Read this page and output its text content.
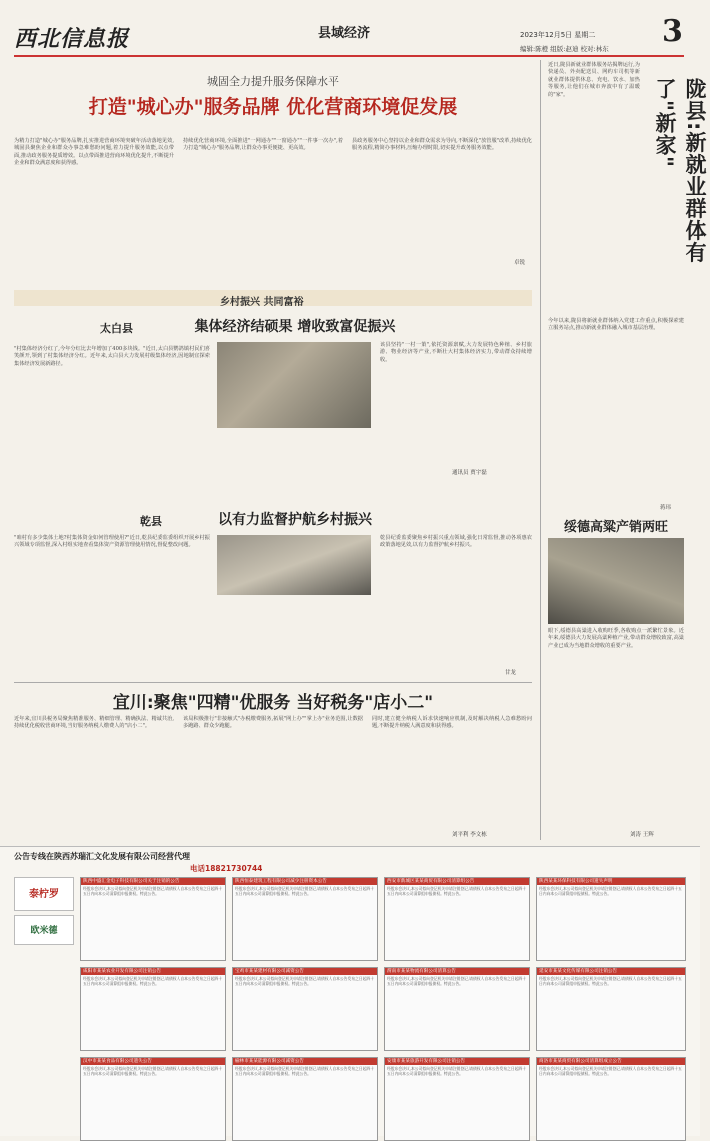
西北信息报	县域经济	2023年12月5日 星期二 3
编辑:陈橙 组版:赵迪 校对:林东
城固全力提升服务保障水平
打造"城心办"服务品牌 优化营商环境促发展
为精力打造"城心办"服务品牌,扎实推进营商环境突破年活动落地见效,城固县聚焦企业和群众办事急难愁盼问题,着力提升服务效能,以点带面,推动政务服务提质增效。以点带面推进营商环境优化提升,不断提升企业和群众满意度和获得感。
持续优化营商环境,全面推进"一网通办""一窗通办""一件事一次办",着力打造"城心办"服务品牌,让群众办事更便捷、更高效。
县政务服务中心坚持以企业和群众需求为导向,不断深化"放管服"改革,持续优化服务流程,精简办事材料,压缩办理时限,切实提升政务服务效能。
卓锐
乡村振兴 共同富裕
太白县	集体经济结硕果 增收致富促振兴
"村集体经济分红了,今年分红比去年增加了400多块钱。"近日,太白县鹦鸽镇村民们喜笑颜开,领到了村集体经济分红。近年来,太白县大力发展村级集体经济,因地制宜探索集体经济发展新路径。
该县坚持"一村一策",依托资源禀赋,大力发展特色种植、乡村旅游、物业经济等产业,不断壮大村集体经济实力,带动群众持续增收。
通讯员 贾宇磊
乾县	以有力监督护航乡村振兴
"咱村有多少集体土地?村集体资金如何管理使用?"近日,乾县纪委监委组织开展乡村振兴领域专项监督,深入村组实地查看集体资产资源管理使用情况,督促整改问题。
乾县纪委监委聚焦乡村振兴重点领域,强化日常监督,推动各项惠农政策落地见效,以有力监督护航乡村振兴。
甘龙
近日,陇县新就业群体服务站揭牌运行,为快递员、外卖配送员、网约车司机等新就业群体提供休息、充电、饮水、加热等服务,让他们在城市奔波中有了温暖的"家"。	陇县:新就业群体有了"新家"
今年以来,陇县将新就业群体纳入党建工作重点,积极探索建立服务站点,推动新就业群体融入城市基层治理。
蒋玮
绥德高粱产销两旺
眼下,绥德县高粱进入收购旺季,各收购点一派繁忙景象。近年来,绥德县大力发展高粱种植产业,带动群众增收致富,高粱产业已成为当地群众增收的重要产业。
刘涛 王辉
宜川:聚焦"四精"优服务 当好税务"店小二"
近年来,宜川县税务局聚焦精准服务、精细管理、精确执法、精诚共治,持续优化税收营商环境,当好服务纳税人缴费人的"店小二"。
该局积极推行"非接触式"办税缴费服务,拓展"网上办""掌上办"业务范围,让数据多跑路、群众少跑腿。
同时,建立健全纳税人诉求快速响应机制,及时解决纳税人急难愁盼问题,不断提升纳税人满意度和获得感。
刘平利 李文栋
公告专线在陕西苏瑞汇文化发展有限公司经营代理
电话18821730744
泰柠罗
欧米德
陕西中盛汇金电子科技有限公司关于注销的公告
经股东会决议,本公司拟向登记机关申请注销登记,请债权人自本公告发布之日起四十五日内向本公司清算组申报债权。特此公告。
陕西恒泰建筑工程有限公司减少注册资本公告
经股东会决议,本公司拟向登记机关申请注销登记,请债权人自本公告发布之日起四十五日内向本公司清算组申报债权。特此公告。
西安市新城区某某商贸有限公司清算组公告
经股东会决议,本公司拟向登记机关申请注销登记,请债权人自本公告发布之日起四十五日内向本公司清算组申报债权。特此公告。
陕西某某环保科技有限公司遗失声明
经股东会决议,本公司拟向登记机关申请注销登记,请债权人自本公告发布之日起四十五日内向本公司清算组申报债权。特此公告。
咸阳市某某农业开发有限公司注销公告
经股东会决议,本公司拟向登记机关申请注销登记,请债权人自本公告发布之日起四十五日内向本公司清算组申报债权。特此公告。
宝鸡市某某建材有限公司减资公告
经股东会决议,本公司拟向登记机关申请注销登记,请债权人自本公告发布之日起四十五日内向本公司清算组申报债权。特此公告。
渭南市某某物流有限公司清算公告
经股东会决议,本公司拟向登记机关申请注销登记,请债权人自本公告发布之日起四十五日内向本公司清算组申报债权。特此公告。
延安市某某文化传媒有限公司注销公告
经股东会决议,本公司拟向登记机关申请注销登记,请债权人自本公告发布之日起四十五日内向本公司清算组申报债权。特此公告。
汉中市某某食品有限公司遗失公告
经股东会决议,本公司拟向登记机关申请注销登记,请债权人自本公告发布之日起四十五日内向本公司清算组申报债权。特此公告。
榆林市某某能源有限公司减资公告
经股东会决议,本公司拟向登记机关申请注销登记,请债权人自本公告发布之日起四十五日内向本公司清算组申报债权。特此公告。
安康市某某旅游开发有限公司注销公告
经股东会决议,本公司拟向登记机关申请注销登记,请债权人自本公告发布之日起四十五日内向本公司清算组申报债权。特此公告。
商洛市某某商贸有限公司清算组成立公告
经股东会决议,本公司拟向登记机关申请注销登记,请债权人自本公告发布之日起四十五日内向本公司清算组申报债权。特此公告。
